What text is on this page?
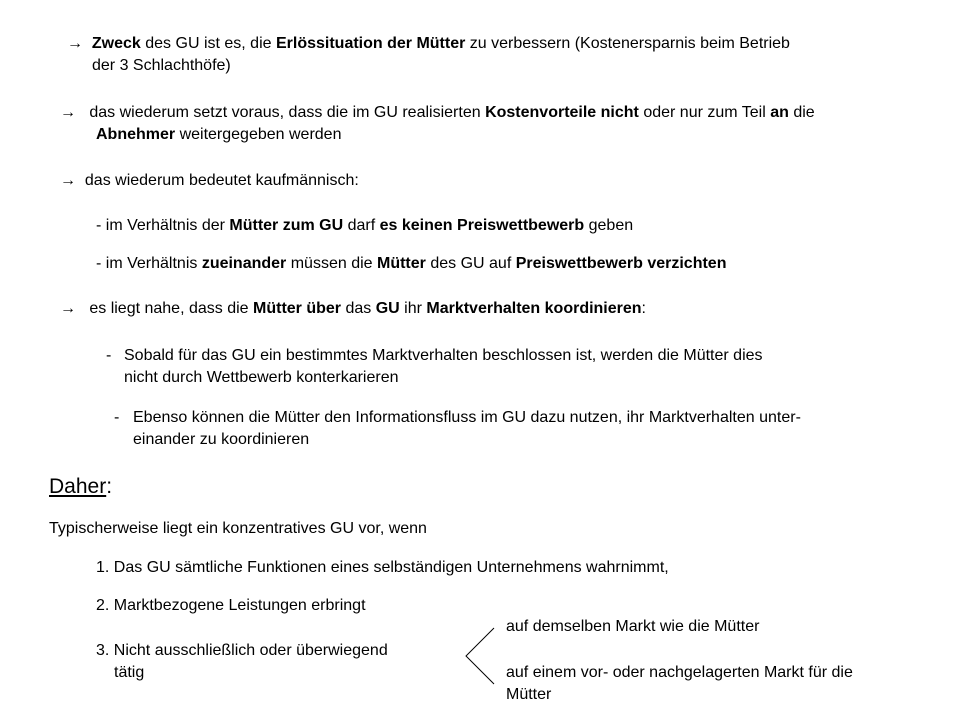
→ Zweck des GU ist es, die Erlössituation der Mütter zu verbessern (Kostenersparnis beim Betrieb
der 3 Schlachthöfe)
→ das wiederum setzt voraus, dass die im GU realisierten Kostenvorteile nicht oder nur zum Teil an die
Abnehmer weitergegeben werden
→ das wiederum bedeutet kaufmännisch:
- im Verhältnis der Mütter zum GU darf es keinen Preiswettbewerb geben
- im Verhältnis zueinander müssen die Mütter des GU auf Preiswettbewerb verzichten
→ es liegt nahe, dass die Mütter über das GU ihr Marktverhalten koordinieren:
- Sobald für das GU ein bestimmtes Marktverhalten beschlossen ist, werden die Mütter dies
nicht durch Wettbewerb konterkarieren
- Ebenso können die Mütter den Informationsfluss im GU dazu nutzen, ihr Marktverhalten unter-
einander zu koordinieren
Daher:
Typischerweise liegt ein konzentratives GU vor, wenn
1. Das GU sämtliche Funktionen eines selbständigen Unternehmens wahrnimmt,
2. Marktbezogene Leistungen erbringt
3. Nicht ausschließlich oder überwiegend
tätig
auf demselben Markt wie die Mütter
auf einem vor- oder nachgelagerten Markt für die
Mütter
